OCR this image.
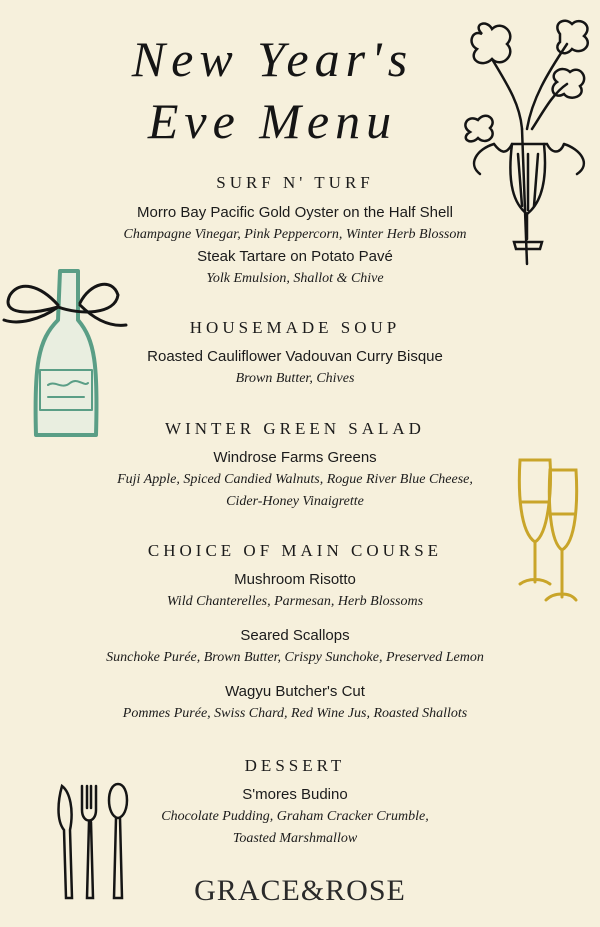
New Year's
Eve Menu

SURF N' TURF

Morro Bay Pacific Gold Oyster on the Half Shell

Champagne Vinegar, Pink Peppercorn, Winter Herb Blossom

Steak Tartare on Potato Pavé

Yolk Emulsion, Shallot & Chive

HOUSEMADE SOUP

Roasted Cauliflower Vadouvan Curry Bisque

Brown Butter, Chives

WINTER GREEN SALAD

Windrose Farms Greens

Fuji Apple, Spiced Candied Walnuts, Rogue River Blue Cheese,

Cider-Honey Vinaigrette

CHOICE OF MAIN COURSE

Mushroom Risotto

Wild Chanterelles, Parmesan, Herb Blossoms

Seared Scallops

Sunchoke Purée, Brown Butter, Crispy Sunchoke, Preserved Lemon

Wagyu Butcher's Cut

Pommes Purée, Swiss Chard, Red Wine Jus, Roasted Shallots

DESSERT

S'mores Budino

Chocolate Pudding, Graham Cracker Crumble,

Toasted Marshmallow

GRACE&ROSE
